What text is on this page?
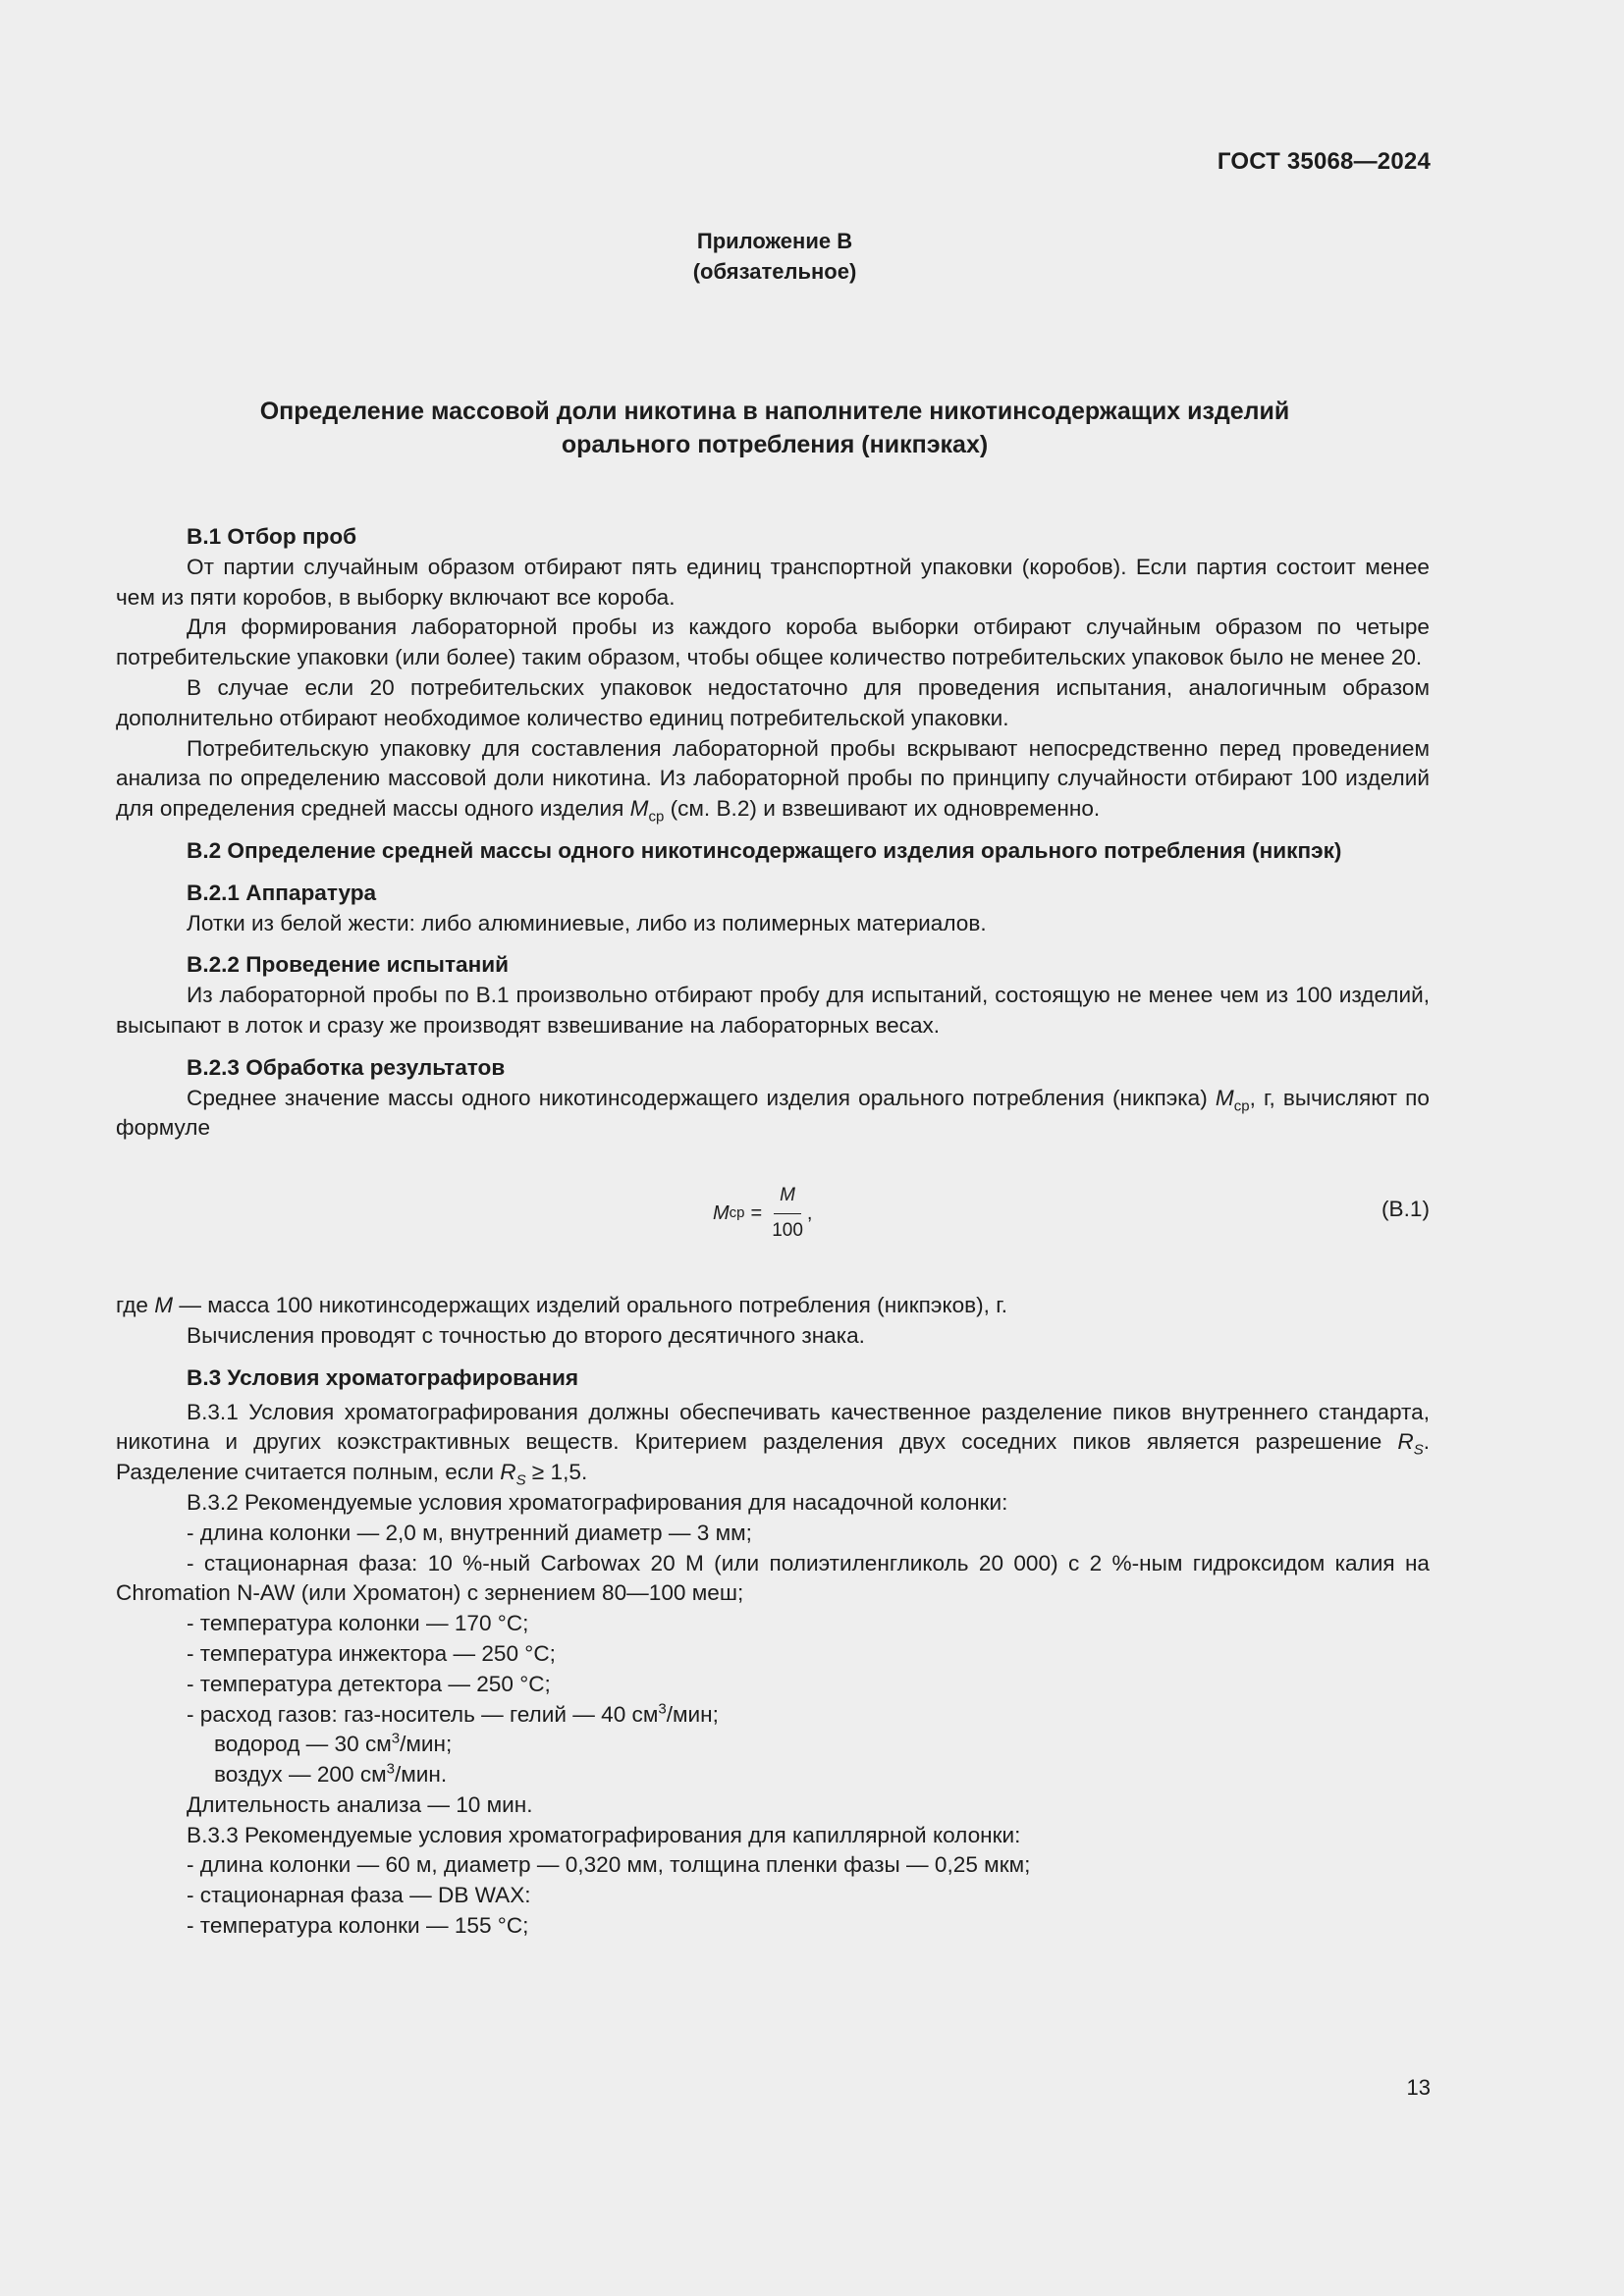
ГОСТ 35068—2024
Приложение В
(обязательное)
Определение массовой доли никотина в наполнителе никотинсодержащих изделий
орального потребления (никпэках)

В.1 Отбор проб

От партии случайным образом отбирают пять единиц транспортной упаковки (коробов). Если партия состоит менее чем из пяти коробов, в выборку включают все короба.

Для формирования лабораторной пробы из каждого короба выборки отбирают случайным образом по четыре потребительские упаковки (или более) таким образом, чтобы общее количество потребительских упаковок было не менее 20.

В случае если 20 потребительских упаковок недостаточно для проведения испытания, аналогичным образом дополнительно отбирают необходимое количество единиц потребительской упаковки.

Потребительскую упаковку для составления лабораторной пробы вскрывают непосредственно перед проведением анализа по определению массовой доли никотина. Из лабораторной пробы по принципу случайности отбирают 100 изделий для определения средней массы одного изделия $M_{ср}$ (см. В.2) и взвешивают их одновременно.

В.2 Определение средней массы одного никотинсодержащего изделия орального потребления (никпэк)

В.2.1 Аппаратура

Лотки из белой жести: либо алюминиевые, либо из полимерных материалов.

В.2.2 Проведение испытаний

Из лабораторной пробы по В.1 произвольно отбирают пробу для испытаний, состоящую не менее чем из 100 изделий, высыпают в лоток и сразу же производят взвешивание на лабораторных весах.

В.2.3 Обработка результатов

Среднее значение массы одного никотинсодержащего изделия орального потребления (никпэка) $M_{ср}$, г, вычисляют по формуле

M ср = $\frac{M}{100}$ ,	(В.1)

где M — масса 100 никотинсодержащих изделий орального потребления (никпэков), г.

Вычисления проводят с точностью до второго десятичного знака.

В.3 Условия хроматографирования

В.3.1 Условия хроматографирования должны обеспечивать качественное разделение пиков внутреннего стандарта, никотина и других коэкстрактивных веществ. Критерием разделения двух соседних пиков является разрешение $R_S$. Разделение считается полным, если $R_S \ge 1,5$.

В.3.2 Рекомендуемые условия хроматографирования для насадочной колонки:

- длина колонки — 2,0 м, внутренний диаметр — 3 мм;

- стационарная фаза: 10 %-ный Carbowax 20 M (или полиэтиленгликоль 20 000) с 2 %-ным гидроксидом калия на Chromation N-AW (или Хроматон) с зернением 80—100 меш;

- температура колонки — 170 °С;

- температура инжектора — 250 °С;

- температура детектора — 250 °С;

- расход газов: газ-носитель — гелий — 40 $см^3$/мин;

водород — 30 $см^3$/мин;

воздух — 200 $см^3$/мин.

Длительность анализа — 10 мин.

В.3.3 Рекомендуемые условия хроматографирования для капиллярной колонки:

- длина колонки — 60 м, диаметр — 0,320 мм, толщина пленки фазы — 0,25 мкм;

- стационарная фаза — DB WAX:

- температура колонки — 155 °С;

13
